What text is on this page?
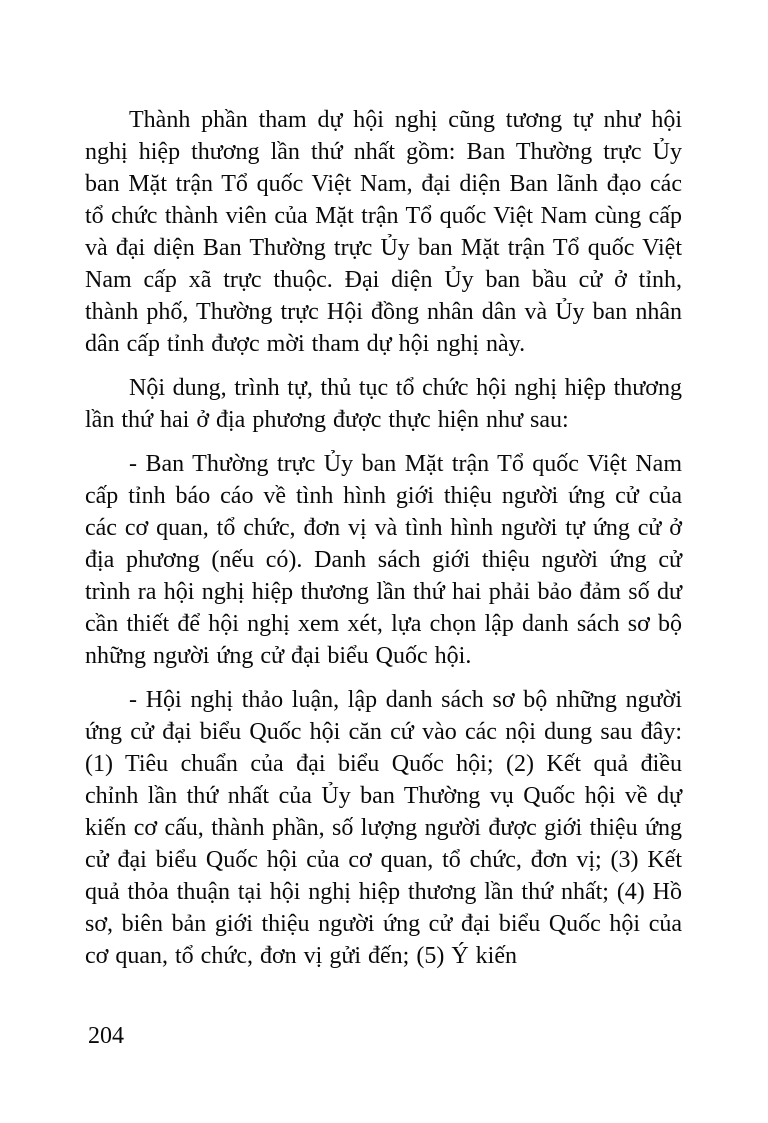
Thành phần tham dự hội nghị cũng tương tự như hội nghị hiệp thương lần thứ nhất gồm: Ban Thường trực Ủy ban Mặt trận Tổ quốc Việt Nam, đại diện Ban lãnh đạo các tổ chức thành viên của Mặt trận Tổ quốc Việt Nam cùng cấp và đại diện Ban Thường trực Ủy ban Mặt trận Tổ quốc Việt Nam cấp xã trực thuộc. Đại diện Ủy ban bầu cử ở tỉnh, thành phố, Thường trực Hội đồng nhân dân và Ủy ban nhân dân cấp tỉnh được mời tham dự hội nghị này.

Nội dung, trình tự, thủ tục tổ chức hội nghị hiệp thương lần thứ hai ở địa phương được thực hiện như sau:

- Ban Thường trực Ủy ban Mặt trận Tổ quốc Việt Nam cấp tỉnh báo cáo về tình hình giới thiệu người ứng cử của các cơ quan, tổ chức, đơn vị và tình hình người tự ứng cử ở địa phương (nếu có). Danh sách giới thiệu người ứng cử trình ra hội nghị hiệp thương lần thứ hai phải bảo đảm số dư cần thiết để hội nghị xem xét, lựa chọn lập danh sách sơ bộ những người ứng cử đại biểu Quốc hội.

- Hội nghị thảo luận, lập danh sách sơ bộ những người ứng cử đại biểu Quốc hội căn cứ vào các nội dung sau đây: (1) Tiêu chuẩn của đại biểu Quốc hội; (2) Kết quả điều chỉnh lần thứ nhất của Ủy ban Thường vụ Quốc hội về dự kiến cơ cấu, thành phần, số lượng người được giới thiệu ứng cử đại biểu Quốc hội của cơ quan, tổ chức, đơn vị; (3) Kết quả thỏa thuận tại hội nghị hiệp thương lần thứ nhất; (4) Hồ sơ, biên bản giới thiệu người ứng cử đại biểu Quốc hội của cơ quan, tổ chức, đơn vị gửi đến; (5) Ý kiến

204
